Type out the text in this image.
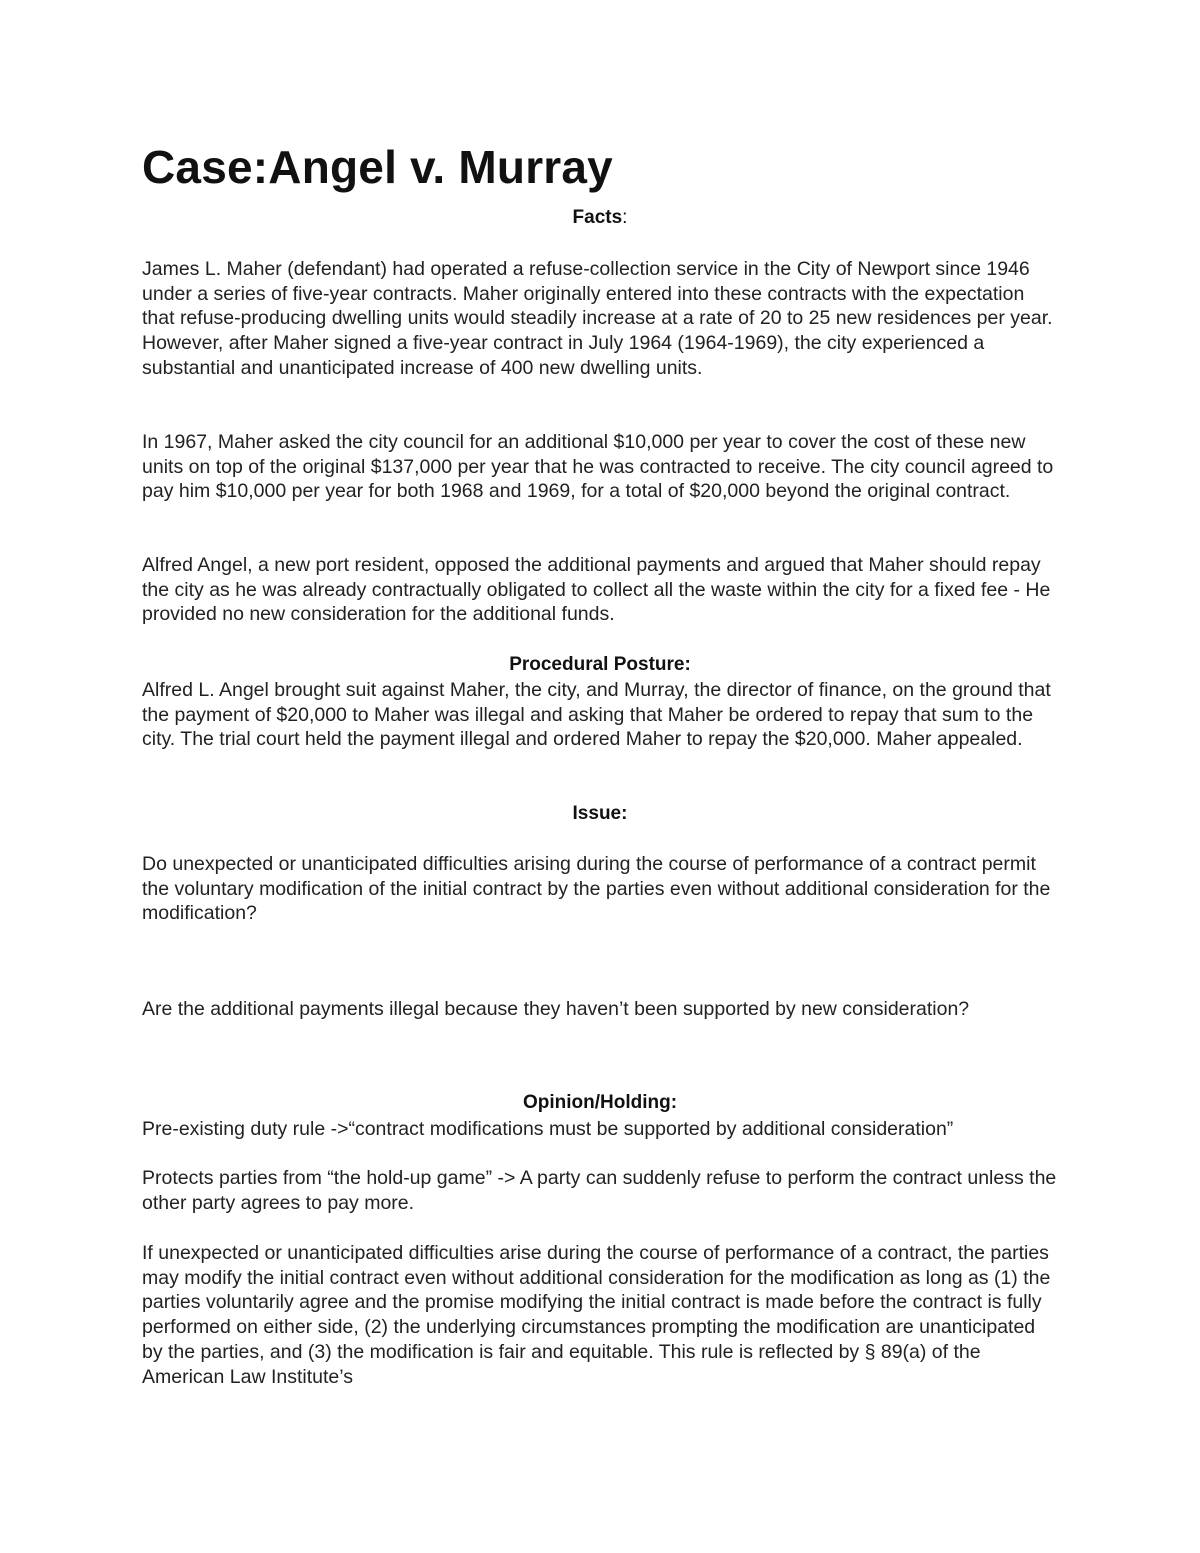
Case:Angel v. Murray
Facts:

James L. Maher (defendant) had operated a refuse-collection service in the City of Newport since 1946 under a series of five-year contracts. Maher originally entered into these contracts with the expectation that refuse-producing dwelling units would steadily increase at a rate of 20 to 25 new residences per year. However, after Maher signed a five-year contract in July 1964 (1964-1969), the city experienced a substantial and unanticipated increase of 400 new dwelling units.

In 1967, Maher asked the city council for an additional $10,000 per year to cover the cost of these new units on top of the original $137,000 per year that he was contracted to receive. The city council agreed to pay him $10,000 per year for both 1968 and 1969, for a total of $20,000 beyond the original contract.

Alfred Angel, a new port resident, opposed the additional payments and argued that Maher should repay the city as he was already contractually obligated to collect all the waste within the city for a fixed fee - He provided no new consideration for the additional funds.

Procedural Posture:

Alfred L. Angel brought suit against Maher, the city, and Murray, the director of finance, on the ground that the payment of $20,000 to Maher was illegal and asking that Maher be ordered to repay that sum to the city. The trial court held the payment illegal and ordered Maher to repay the $20,000. Maher appealed.

Issue:

Do unexpected or unanticipated difficulties arising during the course of performance of a contract permit the voluntary modification of the initial contract by the parties even without additional consideration for the modification?

Are the additional payments illegal because they haven’t been supported by new consideration?

Opinion/Holding:

Pre-existing duty rule ->“contract modifications must be supported by additional consideration”

Protects parties from “the hold-up game” -> A party can suddenly refuse to perform the contract unless the other party agrees to pay more.

If unexpected or unanticipated difficulties arise during the course of performance of a contract, the parties may modify the initial contract even without additional consideration for the modification as long as (1) the parties voluntarily agree and the promise modifying the initial contract is made before the contract is fully performed on either side, (2) the underlying circumstances prompting the modification are unanticipated by the parties, and (3) the modification is fair and equitable. This rule is reflected by § 89(a) of the American Law Institute’s
